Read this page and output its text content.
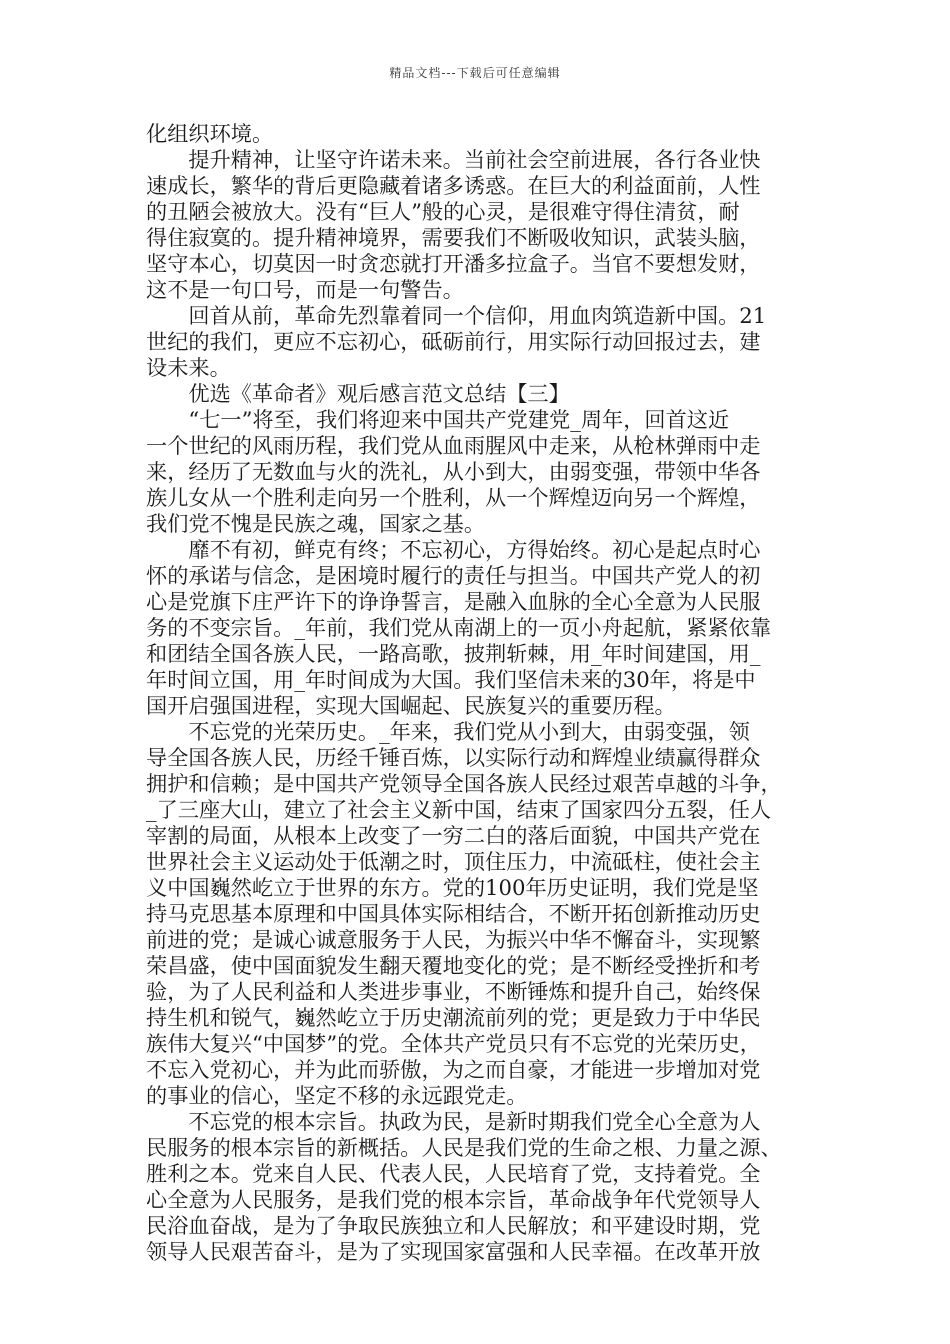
精品文档---下载后可任意编辑
化组织环境。
　　提升精神，让坚守许诺未来。当前社会空前进展，各行各业快
速成长，繁华的背后更隐藏着诸多诱惑。在巨大的利益面前，人性
的丑陋会被放大。没有“巨人”般的心灵，是很难守得住清贫，耐
得住寂寞的。提升精神境界，需要我们不断吸收知识，武装头脑，
坚守本心，切莫因一时贪恋就打开潘多拉盒子。当官不要想发财，
这不是一句口号，而是一句警告。
　　回首从前，革命先烈靠着同一个信仰，用血肉筑造新中国。21
世纪的我们，更应不忘初心，砥砺前行，用实际行动回报过去，建
设未来。
　　优选《革命者》观后感言范文总结【三】
　　“七一”将至，我们将迎来中国共产党建党_周年，回首这近
一个世纪的风雨历程，我们党从血雨腥风中走来，从枪林弹雨中走
来，经历了无数血与火的洗礼，从小到大，由弱变强，带领中华各
族儿女从一个胜利走向另一个胜利，从一个辉煌迈向另一个辉煌，
我们党不愧是民族之魂，国家之基。
　　靡不有初，鲜克有终；不忘初心，方得始终。初心是起点时心
怀的承诺与信念，是困境时履行的责任与担当。中国共产党人的初
心是党旗下庄严许下的诤诤誓言，是融入血脉的全心全意为人民服
务的不变宗旨。_年前，我们党从南湖上的一页小舟起航，紧紧依靠
和团结全国各族人民，一路高歌，披荆斩棘，用_年时间建国，用_
年时间立国，用_年时间成为大国。我们坚信未来的30年，将是中
国开启强国进程，实现大国崛起、民族复兴的重要历程。
　　不忘党的光荣历史。_年来，我们党从小到大，由弱变强，领
导全国各族人民，历经千锤百炼，以实际行动和辉煌业绩赢得群众
拥护和信赖；是中国共产党领导全国各族人民经过艰苦卓越的斗争，
_了三座大山，建立了社会主义新中国，结束了国家四分五裂，任人
宰割的局面，从根本上改变了一穷二白的落后面貌，中国共产党在
世界社会主义运动处于低潮之时，顶住压力，中流砥柱，使社会主
义中国巍然屹立于世界的东方。党的100年历史证明，我们党是坚
持马克思基本原理和中国具体实际相结合，不断开拓创新推动历史
前进的党；是诚心诚意服务于人民，为振兴中华不懈奋斗，实现繁
荣昌盛，使中国面貌发生翻天覆地变化的党；是不断经受挫折和考
验，为了人民利益和人类进步事业，不断锤炼和提升自己，始终保
持生机和锐气，巍然屹立于历史潮流前列的党；更是致力于中华民
族伟大复兴“中国梦”的党。全体共产党员只有不忘党的光荣历史，
不忘入党初心，并为此而骄傲，为之而自豪，才能进一步增加对党
的事业的信心，坚定不移的永远跟党走。
　　不忘党的根本宗旨。执政为民，是新时期我们党全心全意为人
民服务的根本宗旨的新概括。人民是我们党的生命之根、力量之源、
胜利之本。党来自人民、代表人民，人民培育了党，支持着党。全
心全意为人民服务，是我们党的根本宗旨，革命战争年代党领导人
民浴血奋战，是为了争取民族独立和人民解放；和平建设时期，党
领导人民艰苦奋斗，是为了实现国家富强和人民幸福。在改革开放
